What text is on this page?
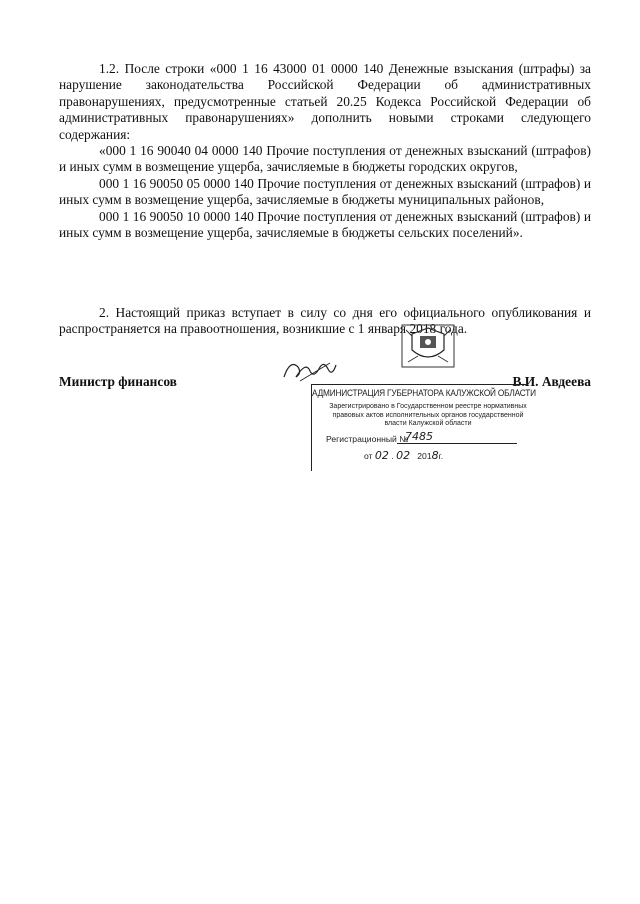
1.2. После строки «000 1 16 43000 01 0000 140 Денежные взыскания (штрафы) за нарушение законодательства Российской Федерации об административных правонарушениях, предусмотренные статьей 20.25 Кодекса Российской Федерации об административных правонарушениях» дополнить новыми строками следующего содержания:

«000 1 16 90040 04 0000 140 Прочие поступления от денежных взысканий (штрафов) и иных сумм в возмещение ущерба, зачисляемые в бюджеты городских округов,

000 1 16 90050 05 0000 140 Прочие поступления от денежных взысканий (штрафов) и иных сумм в возмещение ущерба, зачисляемые в бюджеты муниципальных районов,

000 1 16 90050 10 0000 140 Прочие поступления от денежных взысканий (штрафов) и иных сумм в возмещение ущерба, зачисляемые в бюджеты сельских поселений».

2. Настоящий приказ вступает в силу со дня его официального опубликования и распространяется на правоотношения, возникшие с 1 января 2018 года.

Министр финансов	В.И. Авдеева
АДМИНИСТРАЦИЯ ГУБЕРНАТОРА КАЛУЖСКОЙ ОБЛАСТИ
Зарегистрировано в Государственном реестре нормативных правовых актов исполнительных органов государственной власти Калужской области
Регистрационный №
7485
от 02 . 02 2018г.
